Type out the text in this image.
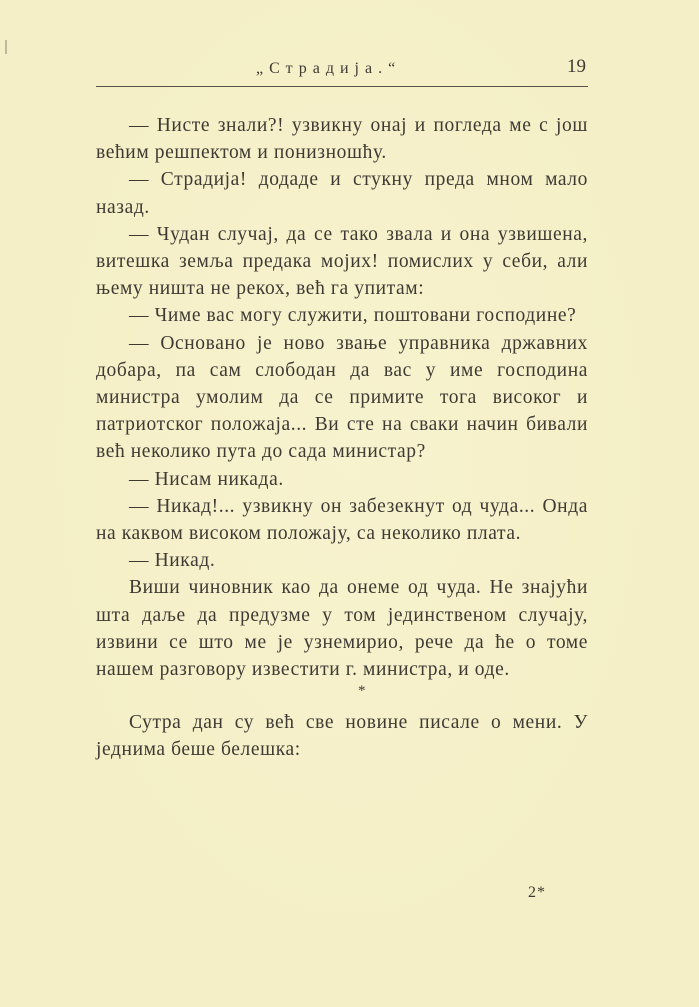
„Страдија.“	19

— Нисте знали?! узвикну онај и погледа ме с још већим решпектом и понизношћу.

— Страдија! додаде и стукну преда мном мало назад.

— Чудан случај, да се тако звала и она узвишена, витешка земља предака мојих! помислих у себи, али њему ништа не рекох, већ га упитам:

— Чиме вас могу служити, поштовани господине?

— Основано је ново звање управника државних добара, па сам слободан да вас у име господина министра умолим да се примите тога високог и патриотског положаја... Ви сте на сваки начин бивали већ неколико пута до сада министар?

— Нисам никада.

— Никад!... узвикну он забезекнут од чуда... Онда на каквом високом положају, са неколико плата.

— Никад.

Виши чиновник као да онеме од чуда. Не знајући шта даље да предузме у том јединственом случају, извини се што ме је узнемирио, рече да ће о томе нашем разговору известити г. министра, и оде.

*

Сутра дан су већ све новине писале о мени. У једнима беше белешка:

2*
